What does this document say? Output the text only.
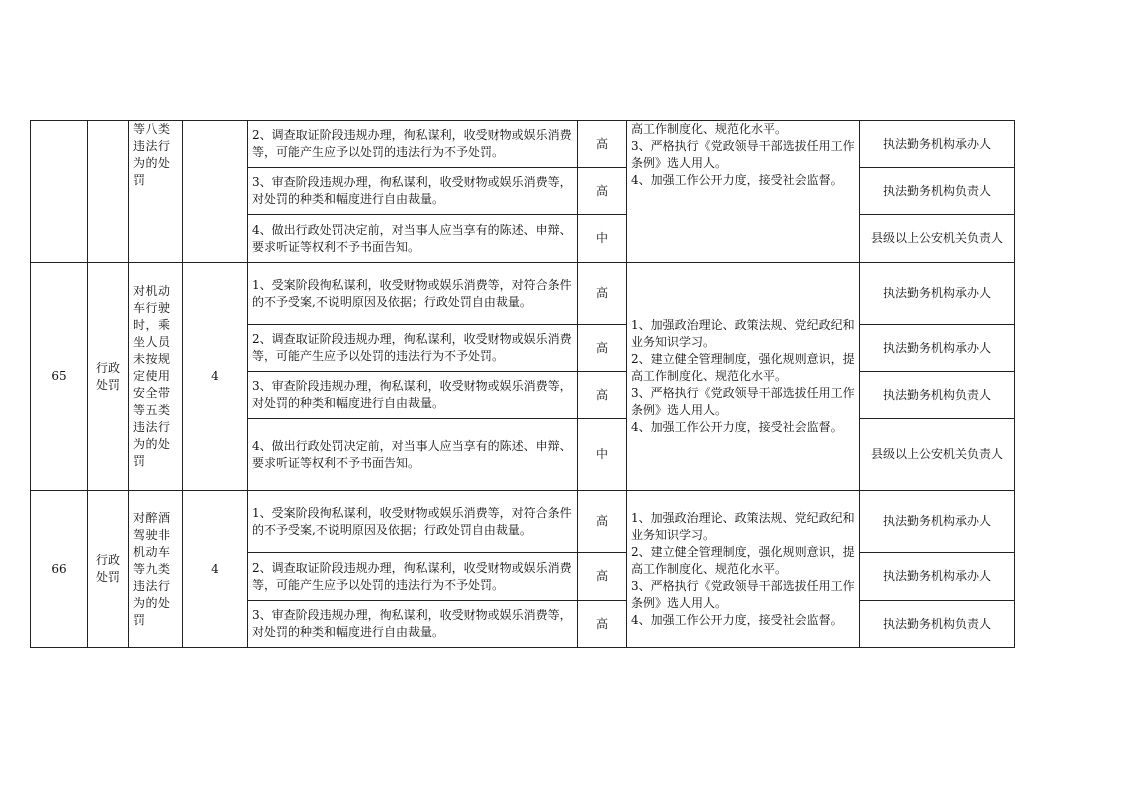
		等八类违法行为的处罚		2、调查取证阶段违规办理，徇私谋利，收受财物或娱乐消费等，可能产生应予以处罚的违法行为不予处罚。	高	高工作制度化、规范化水平。
3、严格执行《党政领导干部选拔任用工作条例》选人用人。
4、加强工作公开力度，接受社会监督。	执法勤务机构承办人
				3、审查阶段违规办理，徇私谋利，收受财物或娱乐消费等，对处罚的种类和幅度进行自由裁量。	高		执法勤务机构负责人
				4、做出行政处罚决定前，对当事人应当享有的陈述、申辩、要求听证等权利不予书面告知。	中		县级以上公安机关负责人
65	行政处罚	对机动车行驶时，乘坐人员未按规定使用安全带等五类违法行为的处罚	4	1、受案阶段徇私谋利，收受财物或娱乐消费等，对符合条件的不予受案,不说明原因及依据；行政处罚自由裁量。	高	1、加强政治理论、政策法规、党纪政纪和业务知识学习。
2、建立健全管理制度，强化规则意识，提高工作制度化、规范化水平。
3、严格执行《党政领导干部选拔任用工作条例》选人用人。
4、加强工作公开力度，接受社会监督。	执法勤务机构承办人
				2、调查取证阶段违规办理，徇私谋利，收受财物或娱乐消费等，可能产生应予以处罚的违法行为不予处罚。	高		执法勤务机构承办人
				3、审查阶段违规办理，徇私谋利，收受财物或娱乐消费等，对处罚的种类和幅度进行自由裁量。	高		执法勤务机构负责人
				4、做出行政处罚决定前，对当事人应当享有的陈述、申辩、要求听证等权利不予书面告知。	中		县级以上公安机关负责人
66	行政处罚	对醉酒驾驶非机动车等九类违法行为的处罚	4	1、受案阶段徇私谋利，收受财物或娱乐消费等，对符合条件的不予受案,不说明原因及依据；行政处罚自由裁量。	高	1、加强政治理论、政策法规、党纪政纪和业务知识学习。
2、建立健全管理制度，强化规则意识，提高工作制度化、规范化水平。
3、严格执行《党政领导干部选拔任用工作条例》选人用人。
4、加强工作公开力度，接受社会监督。	执法勤务机构承办人
				2、调查取证阶段违规办理，徇私谋利，收受财物或娱乐消费等，可能产生应予以处罚的违法行为不予处罚。	高		执法勤务机构承办人
				3、审查阶段违规办理，徇私谋利，收受财物或娱乐消费等，对处罚的种类和幅度进行自由裁量。	高		执法勤务机构负责人
